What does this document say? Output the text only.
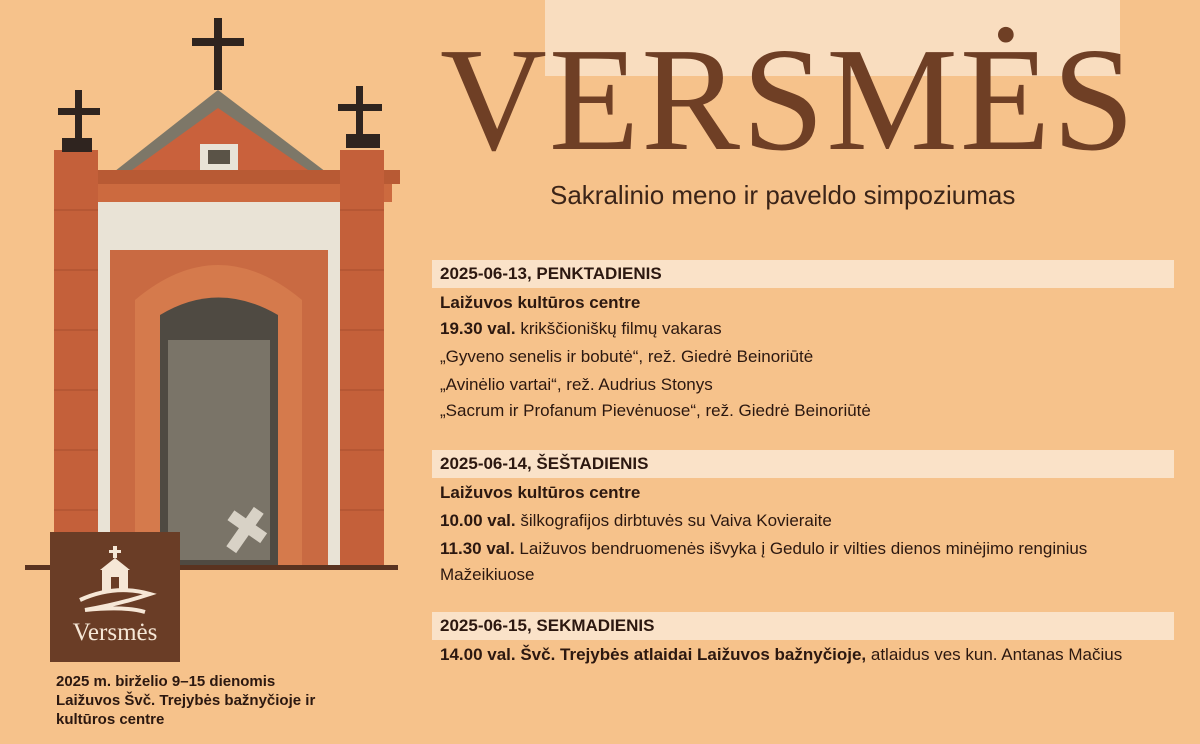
Versmės
2025 m. birželio 9–15 dienomis
Laižuvos Švč. Trejybės bažnyčioje ir
kultūros centre
VERSMĖS
Sakralinio meno ir paveldo simpoziumas
2025-06-13, PENKTADIENIS
Laižuvos kultūros centre
19.30 val. krikščioniškų filmų vakaras
„Gyveno senelis ir bobutė“, rež. Giedrė Beinoriūtė
„Avinėlio vartai“, rež. Audrius Stonys
„Sacrum ir Profanum Pievėnuose“, rež. Giedrė Beinoriūtė
2025-06-14, ŠEŠTADIENIS
Laižuvos kultūros centre
10.00 val. šilkografijos dirbtuvės su Vaiva Kovieraite
11.30 val. Laižuvos bendruomenės išvyka į Gedulo ir vilties dienos minėjimo renginius
Mažeikiuose
2025-06-15, SEKMADIENIS
14.00 val. Švč. Trejybės atlaidai Laižuvos bažnyčioje, atlaidus ves kun. Antanas Mačius
